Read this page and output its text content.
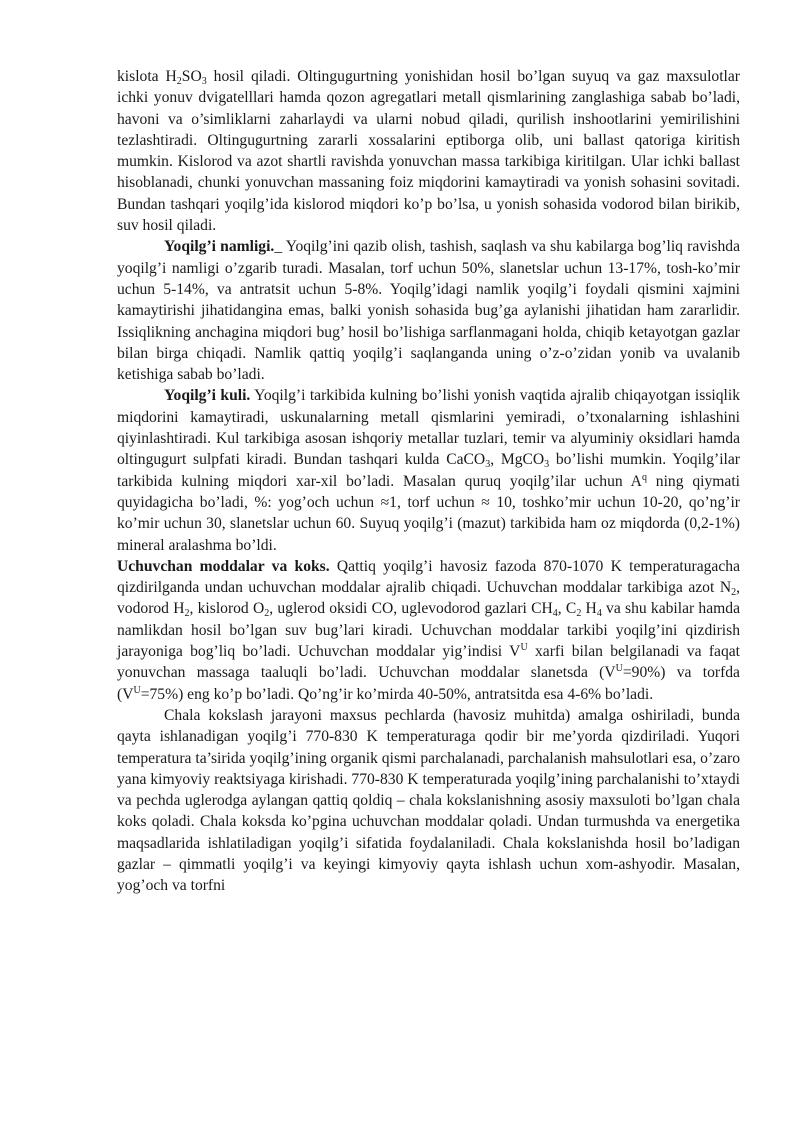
kislota $H_2SO_3$ hosil qiladi. Oltingugurtning yonishidan hosil bo’lgan suyuq va gaz maxsulotlar ichki yonuv dvigatelllari hamda qozon agregatlari metall qismlarining zanglashiga sabab bo’ladi, havoni va o’simliklarni zaharlaydi va ularni nobud qiladi, qurilish inshootlarini yemirilishini tezlashtiradi. Oltingugurtning zararli xossalarini eptiborga olib, uni ballast qatoriga kiritish mumkin. Kislorod va azot shartli ravishda yonuvchan massa tarkibiga kiritilgan. Ular ichki ballast hisoblanadi, chunki yonuvchan massaning foiz miqdorini kamaytiradi va yonish sohasini sovitadi. Bundan tashqari yoqilg’ida kislorod miqdori ko’p bo’lsa, u yonish sohasida vodorod bilan birikib, suv hosil qiladi.

Yoqilg’i namligi._ Yoqilg’ini qazib olish, tashish, saqlash va shu kabilarga bog’liq ravishda yoqilg’i namligi o’zgarib turadi. Masalan, torf uchun 50%, slanetslar uchun 13-17%, tosh-ko’mir uchun 5-14%, va antratsit uchun 5-8%. Yoqilg’idagi namlik yoqilg’i foydali qismini xajmini kamaytirishi jihatidangina emas, balki yonish sohasida bug’ga aylanishi jihatidan ham zararlidir. Issiqlikning anchagina miqdori bug’ hosil bo’lishiga sarflanmagani holda, chiqib ketayotgan gazlar bilan birga chiqadi. Namlik qattiq yoqilg’i saqlanganda uning o’z-o’zidan yonib va uvalanib ketishiga sabab bo’ladi.

Yoqilg’i kuli. Yoqilg’i tarkibida kulning bo’lishi yonish vaqtida ajralib chiqayotgan issiqlik miqdorini kamaytiradi, uskunalarning metall qismlarini yemiradi, o’txonalarning ishlashini qiyinlashtiradi. Kul tarkibiga asosan ishqoriy metallar tuzlari, temir va alyuminiy oksidlari hamda oltingugurt sulpfati kiradi. Bundan tashqari kulda CaCO$_3$, MgCO$_3$ bo’lishi mumkin. Yoqilg’ilar tarkibida kulning miqdori xar-xil bo’ladi. Masalan quruq yoqilg’ilar uchun $A^q$ ning qiymati quyidagicha bo’ladi, %: yog’och uchun ≈1, torf uchun ≈ 10, toshko’mir uchun 10-20, qo’ng’ir ko’mir uchun 30, slanetslar uchun 60. Suyuq yoqilg’i (mazut) tarkibida ham oz miqdorda (0,2-1%) mineral aralashma bo’ldi.

Uchuvchan moddalar va koks. Qattiq yoqilg’i havosiz fazoda 870-1070 K temperaturagacha qizdirilganda undan uchuvchan moddalar ajralib chiqadi. Uchuvchan moddalar tarkibiga azot $N_2$, vodorod $H_2$, kislorod $O_2$, uglerod oksidi CO, uglevodorod gazlari $CH_4$, $C_2$ $H_4$ va shu kabilar hamda namlikdan hosil bo’lgan suv bug’lari kiradi. Uchuvchan moddalar tarkibi yoqilg’ini qizdirish jarayoniga bog’liq bo’ladi. Uchuvchan moddalar yig’indisi $V^U$ xarfi bilan belgilanadi va faqat yonuvchan massaga taaluqli bo’ladi. Uchuvchan moddalar slanetsda $(V^U=90\%)$ va torfda $(V^U=75\%)$ eng ko’p bo’ladi. Qo’ng’ir ko’mirda 40-50%, antratsitda esa 4-6% bo’ladi.

Chala kokslash jarayoni maxsus pechlarda (havosiz muhitda) amalga oshiriladi, bunda qayta ishlanadigan yoqilg’i 770-830 K temperaturaga qodir bir me’yorda qizdiriladi. Yuqori temperatura ta’sirida yoqilg’ining organik qismi parchalanadi, parchalanish mahsulotlari esa, o’zaro yana kimyoviy reaktsiyaga kirishadi. 770-830 K temperaturada yoqilg’ining parchalanishi to’xtaydi va pechda uglerodga aylangan qattiq qoldiq – chala kokslanishning asosiy maxsuloti bo’lgan chala koks qoladi. Chala koksda ko’pgina uchuvchan moddalar qoladi. Undan turmushda va energetika maqsadlarida ishlatiladigan yoqilg’i sifatida foydalaniladi. Chala kokslanishda hosil bo’ladigan gazlar – qimmatli yoqilg’i va keyingi kimyoviy qayta ishlash uchun xom-ashyodir. Masalan, yog’och va torfni
